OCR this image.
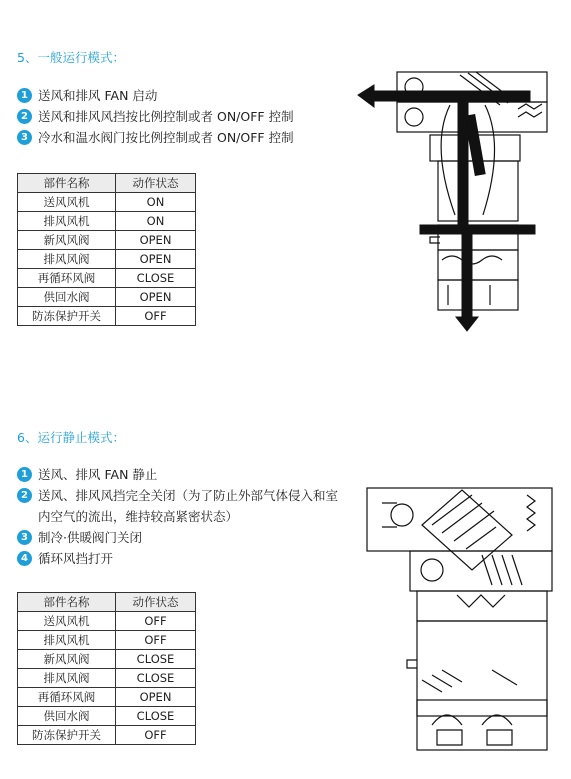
5、一般运行模式：
1 送风和排风 FAN 启动
2 送风和排风风挡按比例控制或者 ON/OFF 控制
3 冷水和温水阀门按比例控制或者 ON/OFF 控制
部件名称	动作状态
送风风机	ON
排风风机	ON
新风风阀	OPEN
排风风阀	OPEN
再循环风阀	CLOSE
供回水阀	OPEN
防冻保护开关	OFF
6、运行静止模式：
1 送风、排风 FAN 静止
2 送风、排风风挡完全关闭（为了防止外部气体侵入和室内空气的流出，维持较高紧密状态）
3 制冷·供暖阀门关闭
4 循环风挡打开
部件名称	动作状态
送风风机	OFF
排风风机	OFF
新风风阀	CLOSE
排风风阀	CLOSE
再循环风阀	OPEN
供回水阀	CLOSE
防冻保护开关	OFF
